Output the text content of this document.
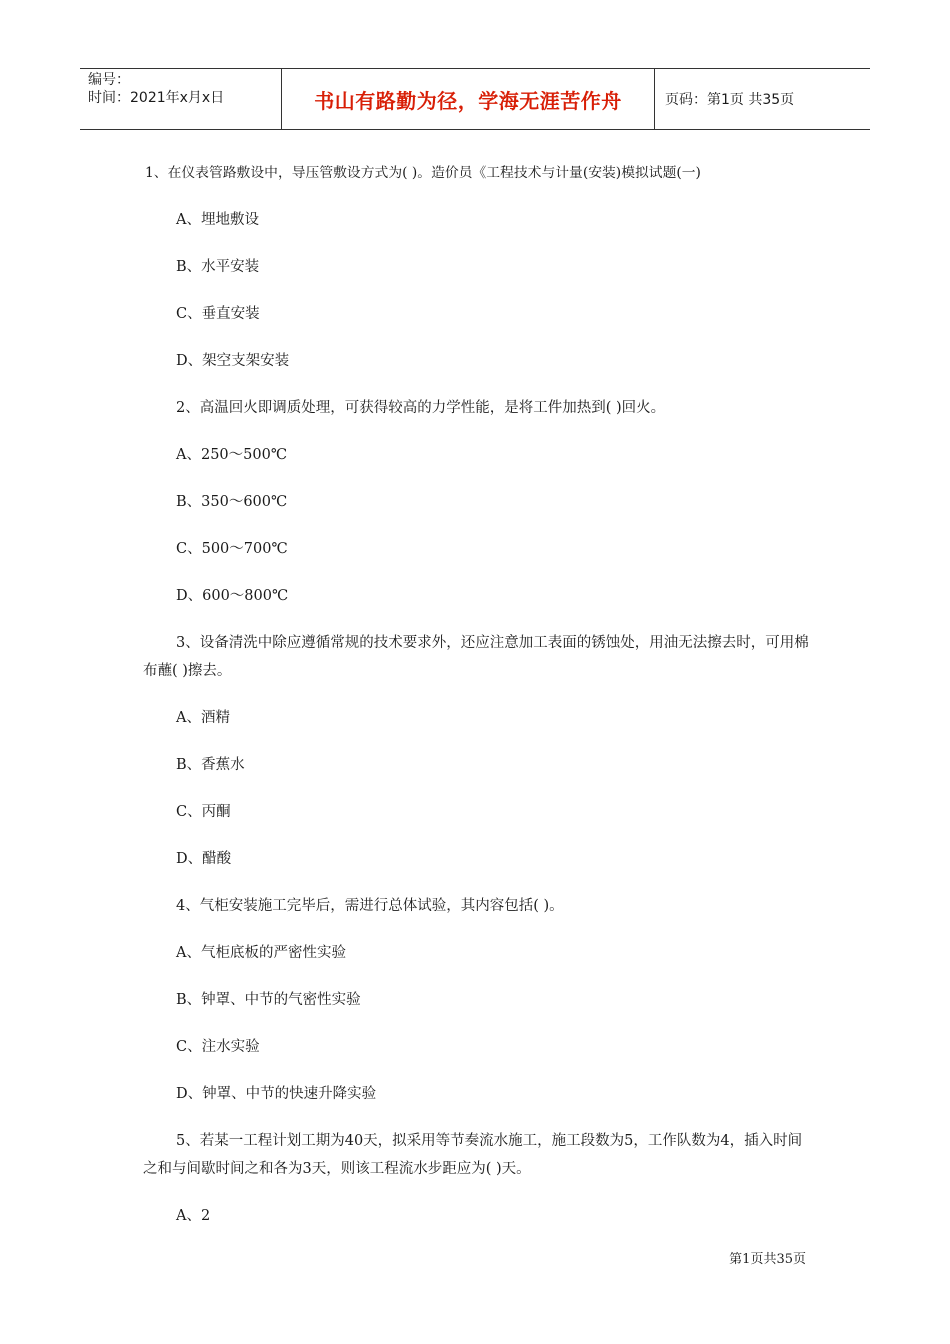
编号：
时间：2021年x月x日	书山有路勤为径，学海无涯苦作舟	页码：第1页 共35页

1、在仪表管路敷设中，导压管敷设方式为( )。造价员《工程技术与计量(安装)模拟试题(一)

A、埋地敷设

B、水平安装

C、垂直安装

D、架空支架安装

2、高温回火即调质处理，可获得较高的力学性能，是将工件加热到( )回火。

A、250～500℃

B、350～600℃

C、500～700℃

D、600～800℃

3、设备清洗中除应遵循常规的技术要求外，还应注意加工表面的锈蚀处，用油无法擦去时，可用棉布蘸( )擦去。

A、酒精

B、香蕉水

C、丙酮

D、醋酸

4、气柜安装施工完毕后，需进行总体试验，其内容包括( )。

A、气柜底板的严密性实验

B、钟罩、中节的气密性实验

C、注水实验

D、钟罩、中节的快速升降实验

5、若某一工程计划工期为40天，拟采用等节奏流水施工，施工段数为5，工作队数为4，插入时间之和与间歇时间之和各为3天，则该工程流水步距应为( )天。

A、2

第1页共35页
